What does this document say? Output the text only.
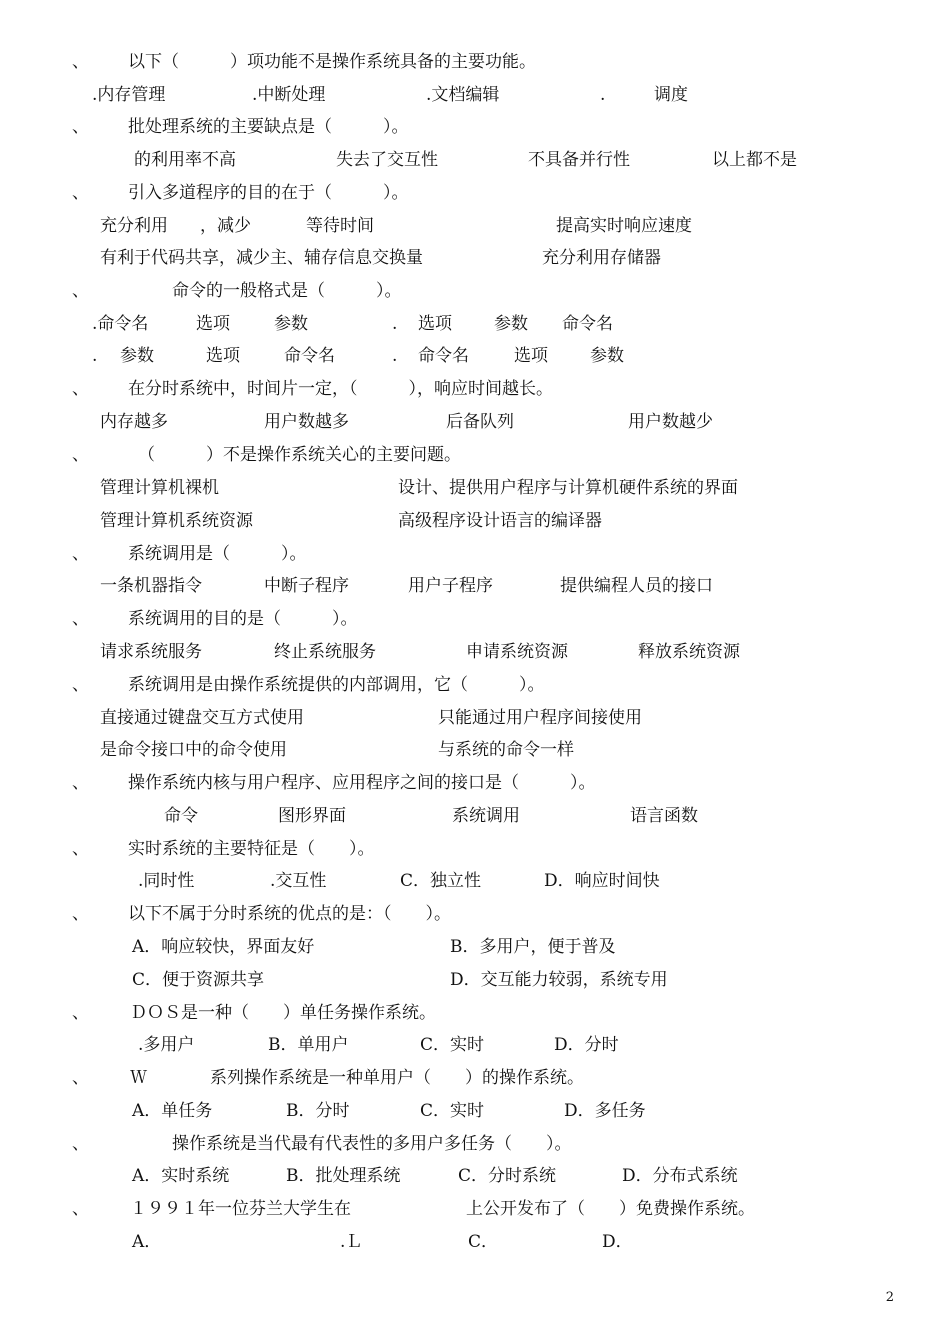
、 以下（　　　）项功能不是操作系统具备的主要功能。
.内存管理	.中断处理	.文档编辑	.	调度
、 批处理系统的主要缺点是（　　　）。
的利用率不高	失去了交互性	不具备并行性	以上都不是
、 引入多道程序的目的在于（　　　）。
充分利用 ，减少	等待时间	提高实时响应速度
有利于代码共享，减少主、辅存信息交换量	充分利用存储器
、	命令的一般格式是（　　　）。
.命令名	选项	参数	. 选项 参数 命令名
. 参数	选项	命令名	. 命令名	选项 参数
、 在分时系统中，时间片一定，（　　　），响应时间越长。
内存越多	用户数越多	后备队列	用户数越少
、	（　　　）不是操作系统关心的主要问题。
管理计算机裸机	设计、提供用户程序与计算机硬件系统的界面
管理计算机系统资源	高级程序设计语言的编译器
、 系统调用是（　　　）。
一条机器指令	中断子程序	用户子程序	提供编程人员的接口
、 系统调用的目的是（　　　）。
请求系统服务	终止系统服务	申请系统资源	释放系统资源
、 系统调用是由操作系统提供的内部调用，它（　　　）。
直接通过键盘交互方式使用	只能通过用户程序间接使用
是命令接口中的命令使用	与系统的命令一样
、 操作系统内核与用户程序、应用程序之间的接口是（　　　）。
命令	图形界面	系统调用	语言函数
、 实时系统的主要特征是（　　）。
.同时性	.交互性	C．独立性	D．响应时间快
、 以下不属于分时系统的优点的是：（　　）。
A．响应较快，界面友好	B．多用户，便于普及
C．便于资源共享	D．交互能力较弱，系统专用
、 ＤＯＳ是一种（　　）单任务操作系统。
.多用户	B．单用户	C．实时	D．分时
、 Ｗ	系列操作系统是一种单用户（　　）的操作系统。
A．单任务	B．分时	C．实时	D．多任务
、	操作系统是当代最有代表性的多用户多任务（　　）。
A．实时系统	B．批处理系统	C．分时系统	D．分布式系统
、 １９９１年一位芬兰大学生在	上公开发布了（　　）免费操作系统。
A．	.Ｌ	C．	D．
2
